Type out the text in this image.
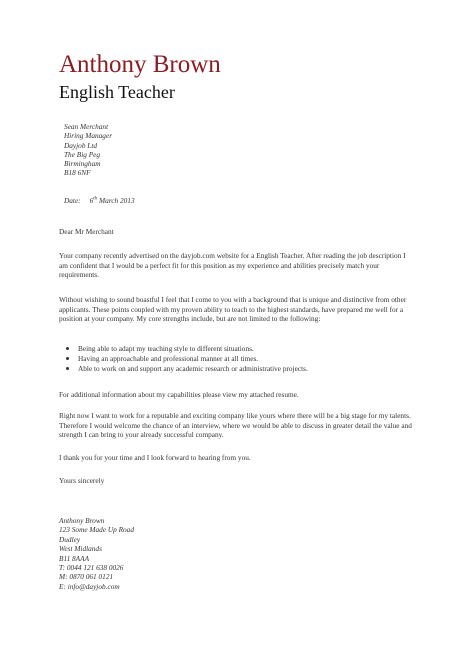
Anthony Brown
English Teacher
Sean Merchant
Hiring Manager
Dayjob Ltd
The Big Peg
Birmingham
B18 6NF
Date: 6th March 2013
Dear Mr Merchant
Your company recently advertised on the dayjob.com website for a English Teacher. After reading the job description I am confident that I would be a perfect fit for this position as my experience and abilities precisely match your requirements.
Without wishing to sound boastful I feel that I come to you with a background that is unique and distinctive from other applicants. These points coupled with my proven ability to teach to the highest standards, have prepared me well for a position at your company. My core strengths include, but are not limited to the following:
Being able to adapt my teaching style to different situations.
Having an approachable and professional manner at all times.
Able to work on and support any academic research or administrative projects.
For additional information about my capabilities please view my attached resume.
Right now I want to work for a reputable and exciting company like yours where there will be a big stage for my talents. Therefore I would welcome the chance of an interview, where we would be able to discuss in greater detail the value and strength I can bring to your already successful company.
I thank you for your time and I look forward to hearing from you.
Yours sincerely
Anthony Brown
123 Some Made Up Road
Dudley
West Midlands
B11 8AAA
T: 0044 121 638 0026
M: 0870 061 0121
E: info@dayjob.com
